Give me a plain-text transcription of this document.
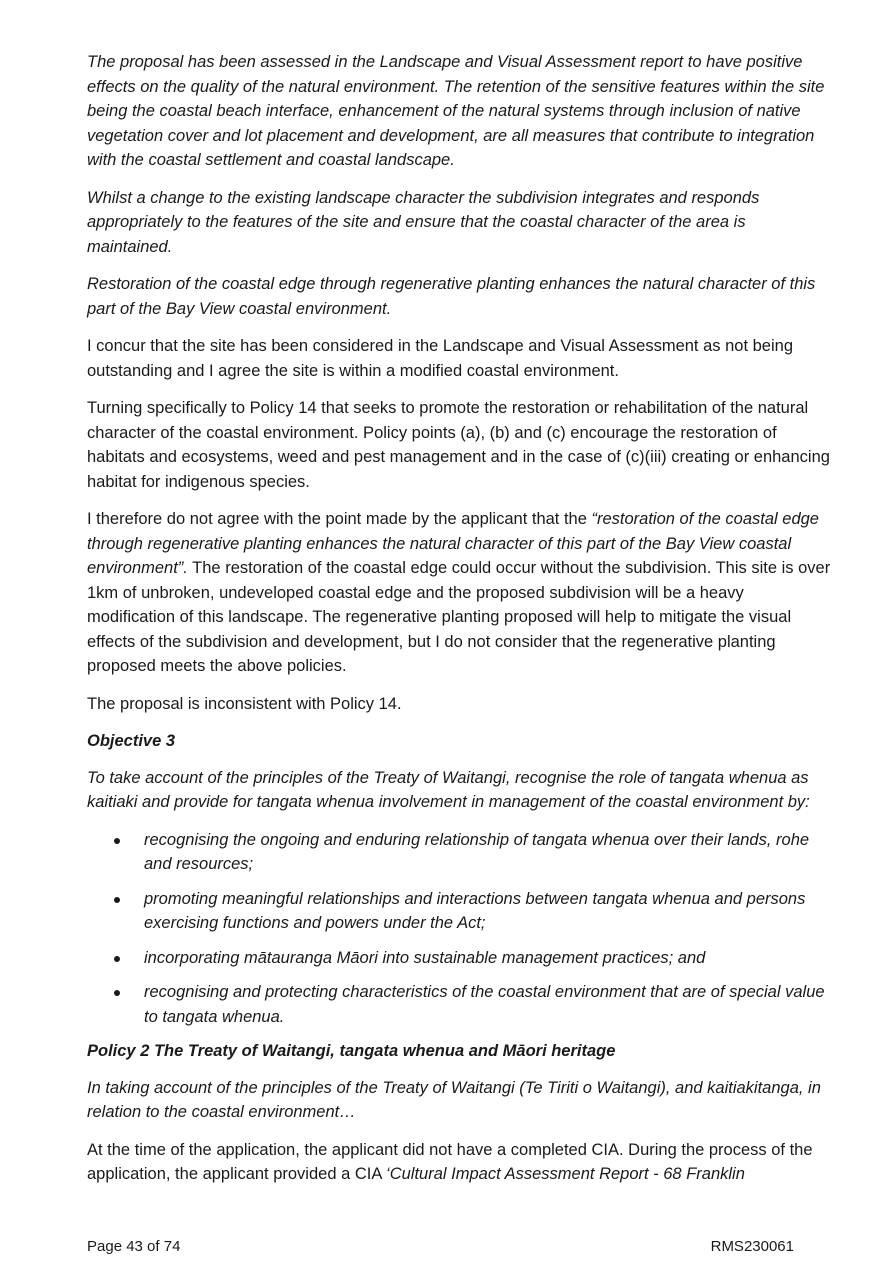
The proposal has been assessed in the Landscape and Visual Assessment report to have positive effects on the quality of the natural environment. The retention of the sensitive features within the site being the coastal beach interface, enhancement of the natural systems through inclusion of native vegetation cover and lot placement and development, are all measures that contribute to integration with the coastal settlement and coastal landscape.

Whilst a change to the existing landscape character the subdivision integrates and responds appropriately to the features of the site and ensure that the coastal character of the area is maintained.

Restoration of the coastal edge through regenerative planting enhances the natural character of this part of the Bay View coastal environment.

I concur that the site has been considered in the Landscape and Visual Assessment as not being outstanding and I agree the site is within a modified coastal environment.

Turning specifically to Policy 14 that seeks to promote the restoration or rehabilitation of the natural character of the coastal environment. Policy points (a), (b) and (c) encourage the restoration of habitats and ecosystems, weed and pest management and in the case of (c)(iii) creating or enhancing habitat for indigenous species.

I therefore do not agree with the point made by the applicant that the “restoration of the coastal edge through regenerative planting enhances the natural character of this part of the Bay View coastal environment”. The restoration of the coastal edge could occur without the subdivision. This site is over 1km of unbroken, undeveloped coastal edge and the proposed subdivision will be a heavy modification of this landscape. The regenerative planting proposed will help to mitigate the visual effects of the subdivision and development, but I do not consider that the regenerative planting proposed meets the above policies.

The proposal is inconsistent with Policy 14.

Objective 3

To take account of the principles of the Treaty of Waitangi, recognise the role of tangata whenua as kaitiaki and provide for tangata whenua involvement in management of the coastal environment by:

recognising the ongoing and enduring relationship of tangata whenua over their lands, rohe and resources;
promoting meaningful relationships and interactions between tangata whenua and persons exercising functions and powers under the Act;
incorporating mātauranga Māori into sustainable management practices; and
recognising and protecting characteristics of the coastal environment that are of special value to tangata whenua.

Policy 2 The Treaty of Waitangi, tangata whenua and Māori heritage

In taking account of the principles of the Treaty of Waitangi (Te Tiriti o Waitangi), and kaitiakitanga, in relation to the coastal environment…

At the time of the application, the applicant did not have a completed CIA. During the process of the application, the applicant provided a CIA ‘Cultural Impact Assessment Report - 68 Franklin

Page 43 of 74	RMS230061
